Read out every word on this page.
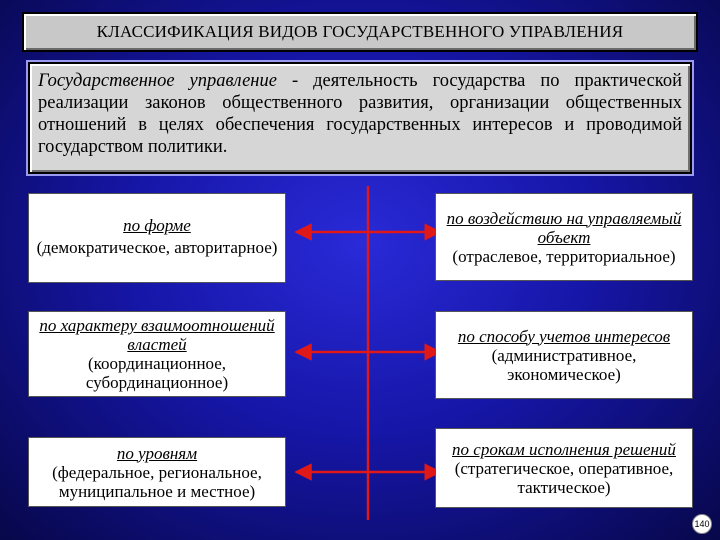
КЛАССИФИКАЦИЯ ВИДОВ ГОСУДАРСТВЕННОГО УПРАВЛЕНИЯ
Государственное управление - деятельность государства по практической реализации законов общественного развития, организации общественных отношений в целях обеспечения государственных интересов и проводимой государством политики.
по форме
(демократическое, авторитарное)
по характеру взаимоотношений властей
(координационное, субординационное)
по уровням
(федеральное, региональное, муниципальное и местное)
по воздействию на управляемый объект
(отраслевое, территориальное)
по способу учетов интересов
(административное, экономическое)
по срокам исполнения решений
(стратегическое, оперативное, тактическое)
140
